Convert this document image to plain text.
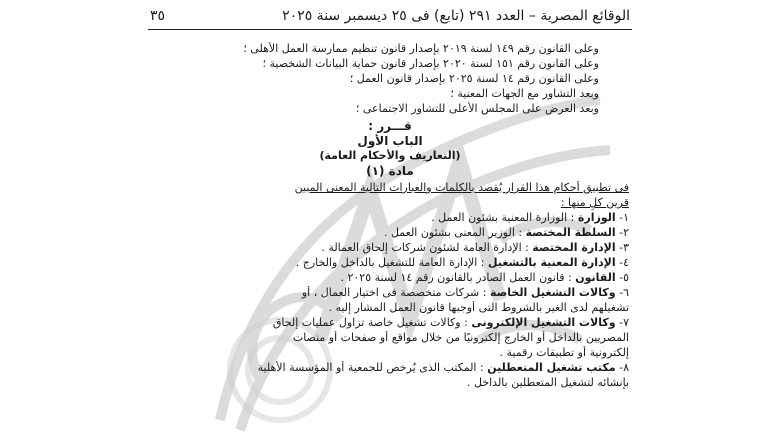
٣٥	الوقائع المصرية – العدد ٢٩١ (تابع) فى ٢٥ ديسمبر سنة ٢٠٢٥
وعلى القانون رقم ١٤٩ لسنة ٢٠١٩ بإصدار قانون تنظيم ممارسة العمل الأهلى ؛
وعلى القانون رقم ١٥١ لسنة ٢٠٢٠ بإصدار قانون حماية البيانات الشخصية ؛
وعلى القانون رقم ١٤ لسنة ٢٠٢٥ بإصدار قانون العمل ؛
وبعد التشاور مع الجهات المعنية ؛
وبعد العرض على المجلس الأعلى للتشاور الاجتماعى ؛
قـــرر :
الباب الأول
(التعاريف والأحكام العامة)
مادة (١)
فى تطبيق أحكام هذا القرار يُقصد بالكلمات والعبارات التالية المعنى المبين
قرين كلٍ منها :
١- الوزارة : الوزارة المعنية بشئون العمل .
٢- السلطة المختصة : الوزير المعنى بشئون العمل .
٣- الإدارة المختصة : الإدارة العامة لشئون شركات إلحاق العمالة .
٤- الإدارة المعنية بالتشغيل : الإدارة العامة للتشغيل بالداخل والخارج .
٥- القانون : قانون العمل الصادر بالقانون رقم ١٤ لسنة ٢٠٢٥ .
٦- وكالات التشغيل الخاصة : شركات متخصصة فى اختيار العمال ، أو
تشغيلهم لدى الغير بالشروط التى أوجبها قانون العمل المشار إليه .
٧- وكالات التشغيل الإلكترونى : وكالات تشغيل خاصة تزاول عمليات إلحاق
المصريين بالداخل أو الخارج إلكترونيًا من خلال مواقع أو صفحات أو منصات
إلكترونية أو تطبيقات رقمية .
٨- مكتب تشغيل المتعطلين : المكتب الذى يُرخص للجمعية أو المؤسسة الأهلية
بإنشائه لتشغيل المتعطلين بالداخل .
